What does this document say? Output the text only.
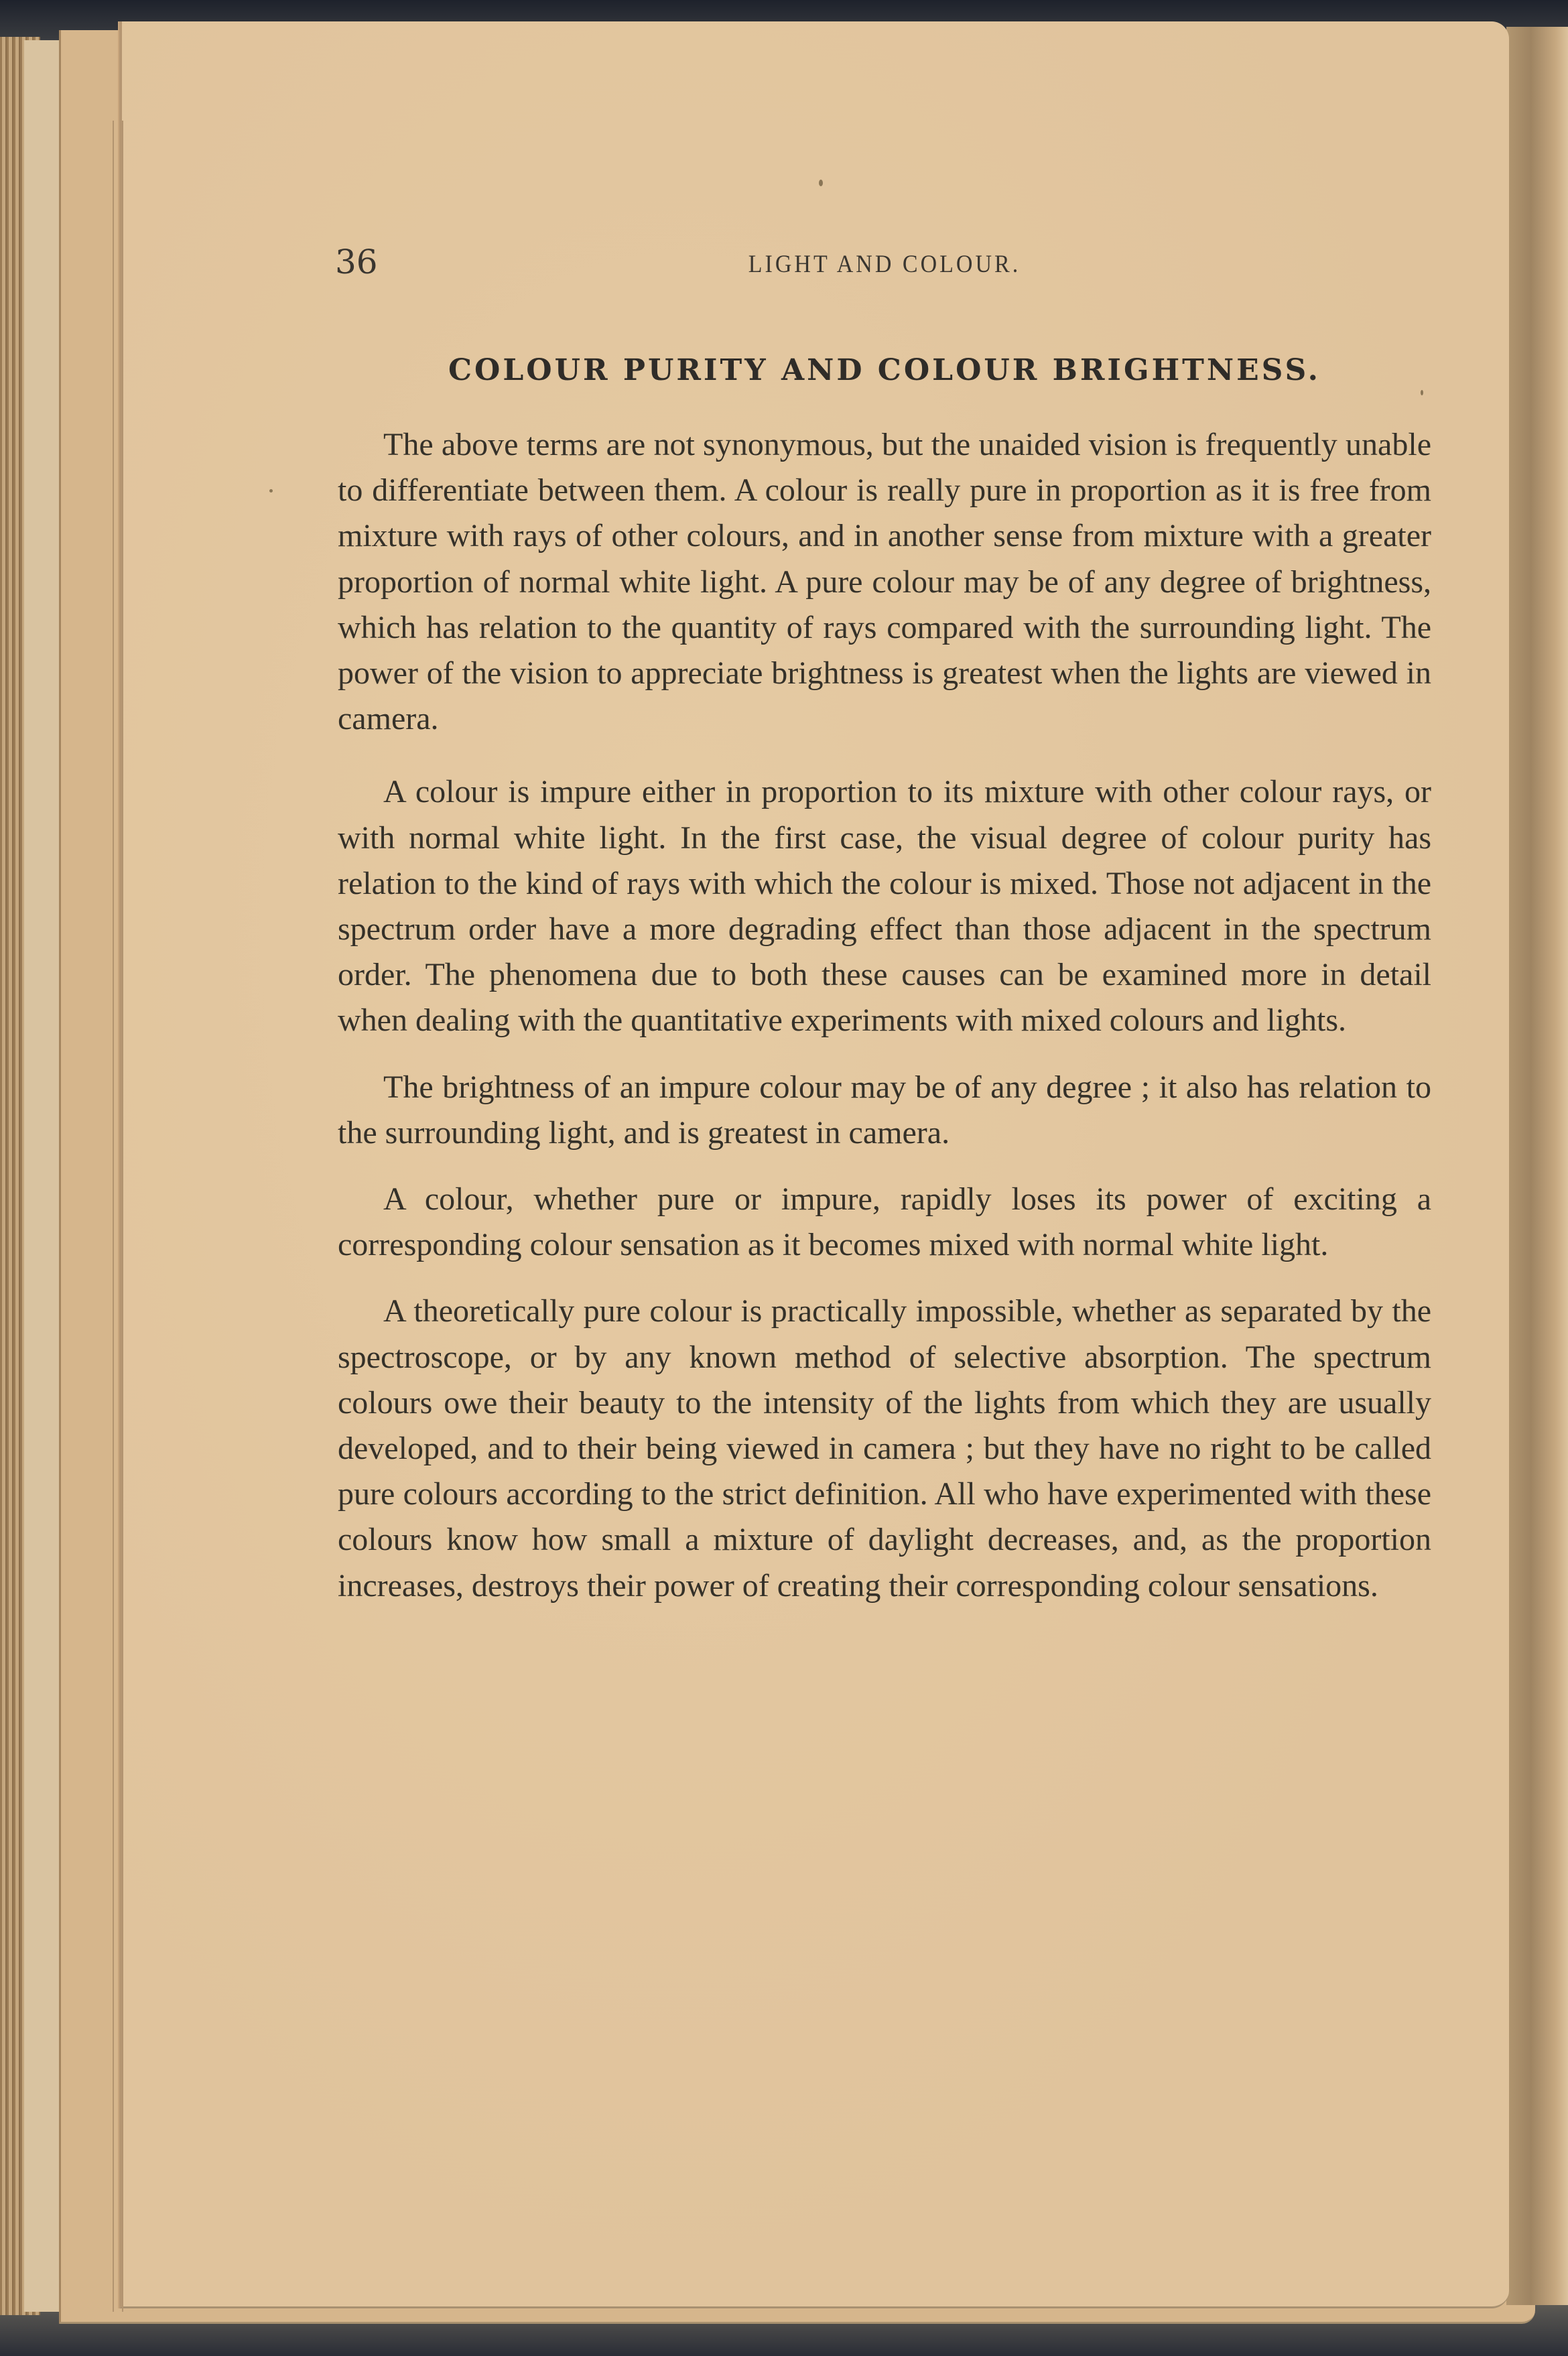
36	LIGHT AND COLOUR.
COLOUR PURITY AND COLOUR BRIGHTNESS.

The above terms are not synonymous, but the unaided vision is frequently unable to differentiate between them. A colour is really pure in proportion as it is free from mixture with rays of other colours, and in another sense from mixture with a greater proportion of normal white light. A pure colour may be of any degree of brightness, which has relation to the quantity of rays compared with the surrounding light. The power of the vision to appreciate brightness is greatest when the lights are viewed in camera.

A colour is impure either in proportion to its mixture with other colour rays, or with normal white light. In the first case, the visual degree of colour purity has relation to the kind of rays with which the colour is mixed. Those not adjacent in the spectrum order have a more degrading effect than those adjacent in the spectrum order. The phenomena due to both these causes can be examined more in detail when dealing with the quantitative experiments with mixed colours and lights.

The brightness of an impure colour may be of any degree ; it also has relation to the surrounding light, and is greatest in camera.

A colour, whether pure or impure, rapidly loses its power of exciting a corresponding colour sensation as it becomes mixed with normal white light.

A theoretically pure colour is practically impossible, whether as separated by the spectroscope, or by any known method of selective absorption. The spectrum colours owe their beauty to the intensity of the lights from which they are usually developed, and to their being viewed in camera ; but they have no right to be called pure colours according to the strict definition. All who have experimented with these colours know how small a mixture of daylight decreases, and, as the proportion increases, destroys their power of creating their corresponding colour sensations.
